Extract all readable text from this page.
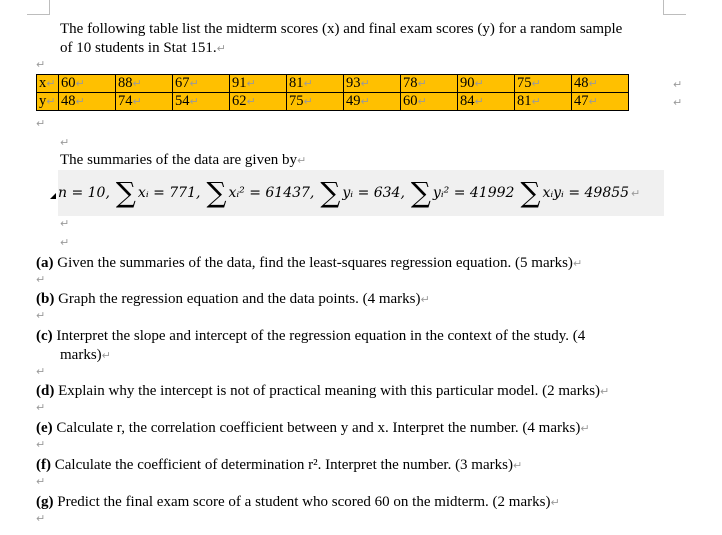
The following table list the midterm scores (x) and final exam scores (y) for a random sample

of 10 students in Stat 151.↵

↵
x↵	60↵	88↵	67↵	91↵	81↵	93↵	78↵	90↵	75↵	48↵
y↵	48↵	74↵	54↵	62↵	75↵	49↵	60↵	84↵	81↵	47↵
↵
↵
↵
↵

The summaries of the data are given by↵

n = 10, ∑ xᵢ = 771, ∑ xᵢ² = 61437, ∑ yᵢ = 634, ∑ yᵢ² = 41992 ∑ xᵢyᵢ = 49855 ↵
↵
↵

(a) Given the summaries of the data, find the least-squares regression equation. (5 marks)↵

↵

(b) Graph the regression equation and the data points. (4 marks)↵

↵

(c) Interpret the slope and intercept of the regression equation in the context of the study. (4

marks)↵

↵

(d) Explain why the intercept is not of practical meaning with this particular model. (2 marks)↵

↵

(e) Calculate r, the correlation coefficient between y and x. Interpret the number. (4 marks)↵

↵

(f) Calculate the coefficient of determination r². Interpret the number. (3 marks)↵

↵

(g) Predict the final exam score of a student who scored 60 on the midterm. (2 marks)↵

↵
